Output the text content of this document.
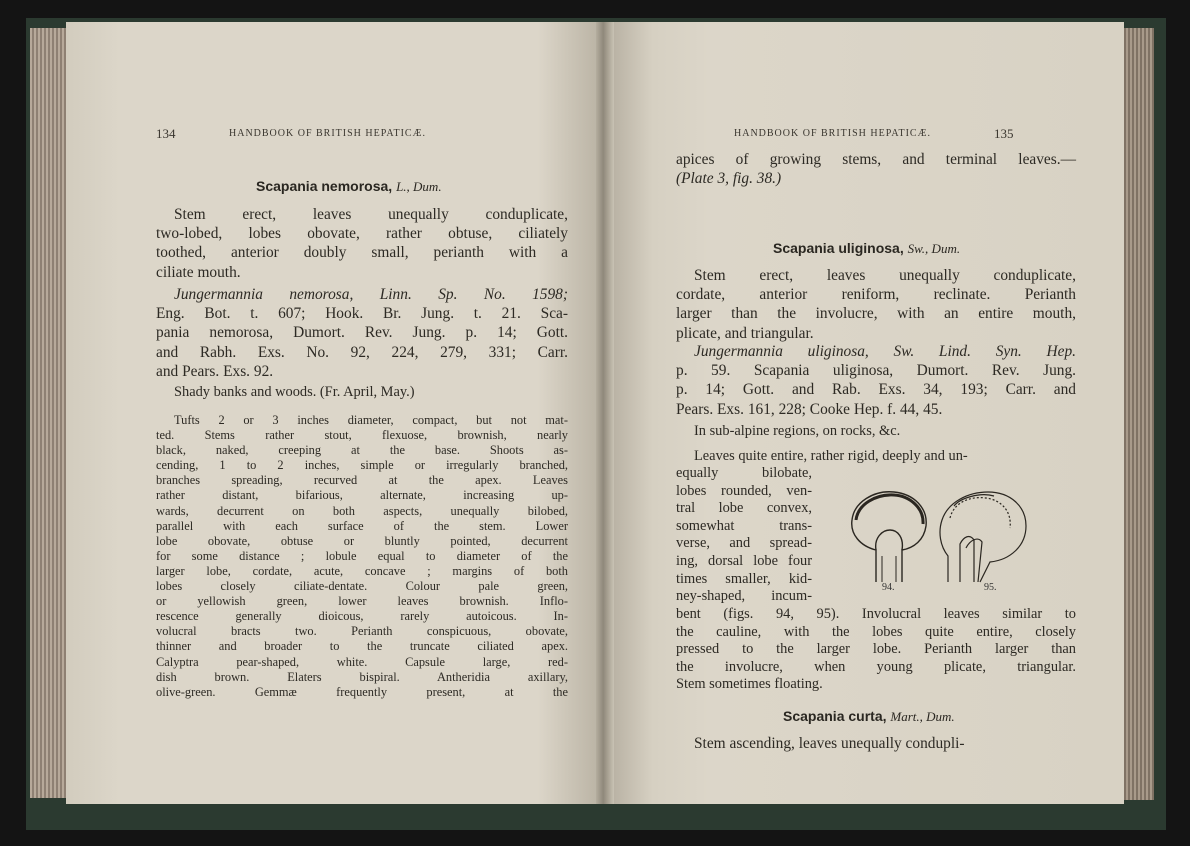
134	HANDBOOK OF BRITISH HEPATICÆ.
Scapania nemorosa, L., Dum.
Stem erect, leaves unequally conduplicate,
two-lobed, lobes obovate, rather obtuse, ciliately
toothed, anterior doubly small, perianth with a
ciliate mouth.
Jungermannia nemorosa, Linn. Sp. No. 1598;
Eng. Bot. t. 607; Hook. Br. Jung. t. 21. Sca-
pania nemorosa, Dumort. Rev. Jung. p. 14; Gott.
and Rabh. Exs. No. 92, 224, 279, 331; Carr.
and Pears. Exs. 92.
Shady banks and woods. (Fr. April, May.)
Tufts 2 or 3 inches diameter, compact, but not mat-
ted. Stems rather stout, flexuose, brownish, nearly
black, naked, creeping at the base. Shoots as-
cending, 1 to 2 inches, simple or irregularly branched,
branches spreading, recurved at the apex. Leaves
rather distant, bifarious, alternate, increasing up-
wards, decurrent on both aspects, unequally bilobed,
parallel with each surface of the stem. Lower
lobe obovate, obtuse or bluntly pointed, decurrent
for some distance ; lobule equal to diameter of the
larger lobe, cordate, acute, concave ; margins of both
lobes closely ciliate-dentate. Colour pale green,
or yellowish green, lower leaves brownish. Inflo-
rescence generally dioicous, rarely autoicous. In-
volucral bracts two. Perianth conspicuous, obovate,
thinner and broader to the truncate ciliated apex.
Calyptra pear-shaped, white. Capsule large, red-
dish brown. Elaters bispiral. Antheridia axillary,
olive-green. Gemmæ frequently present, at the
HANDBOOK OF BRITISH HEPATICÆ.	135
apices of growing stems, and terminal leaves.—
(Plate 3, fig. 38.)
Scapania uliginosa, Sw., Dum.
Stem erect, leaves unequally conduplicate,
cordate, anterior reniform, reclinate. Perianth
larger than the involucre, with an entire mouth,
plicate, and triangular.
Jungermannia uliginosa, Sw. Lind. Syn. Hep.
p. 59. Scapania uliginosa, Dumort. Rev. Jung.
p. 14; Gott. and Rab. Exs. 34, 193; Carr. and
Pears. Exs. 161, 228; Cooke Hep. f. 44, 45.
In sub-alpine regions, on rocks, &c.
Leaves quite entire, rather rigid, deeply and un-
equally bilobate,
lobes rounded, ven-
tral lobe convex,
somewhat trans-
verse, and spread-
ing, dorsal lobe four
times smaller, kid-
ney-shaped, incum-
94.	95.
bent (figs. 94, 95). Involucral leaves similar to
the cauline, with the lobes quite entire, closely
pressed to the larger lobe. Perianth larger than
the involucre, when young plicate, triangular.
Stem sometimes floating.
Scapania curta, Mart., Dum.
Stem ascending, leaves unequally condupli-
